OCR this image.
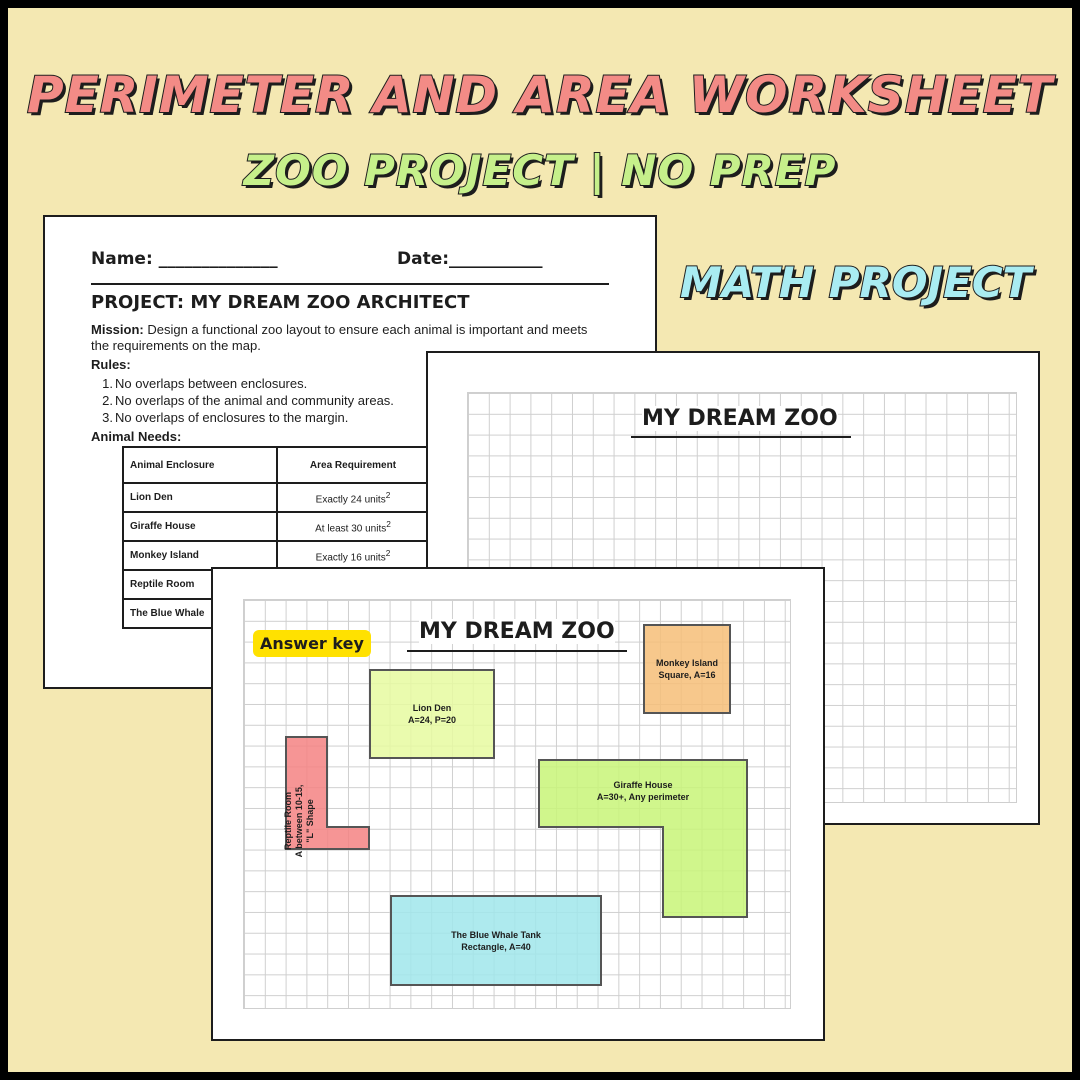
PERIMETER AND AREA WORKSHEET
ZOO PROJECT | NO PREP
MATH PROJECT
Name: ______________	Date:___________
PROJECT: MY DREAM ZOO ARCHITECT
Mission: Design a functional zoo layout to ensure each animal is important and meets the requirements on the map.
Rules:
1. No overlaps between enclosures.
2. No overlaps of the animal and community areas.
3. No overlaps of enclosures to the margin.
Animal Needs:
Animal Enclosure	Area Requirement	
Lion Den	Exactly 24 units$^2$	
Giraffe House	At least 30 units$^2$	
Monkey Island	Exactly 16 units$^2$	
Reptile Room		
The Blue Whale		
MY DREAM ZOO
MY DREAM ZOO
Answer key
Lion Den
A=24, P=20
Monkey Island
Square, A=16
The Blue Whale Tank
Rectangle, A=40
Giraffe House
A=30+, Any perimeter
Reptile Room
A between 10-15,
"L" Shape
